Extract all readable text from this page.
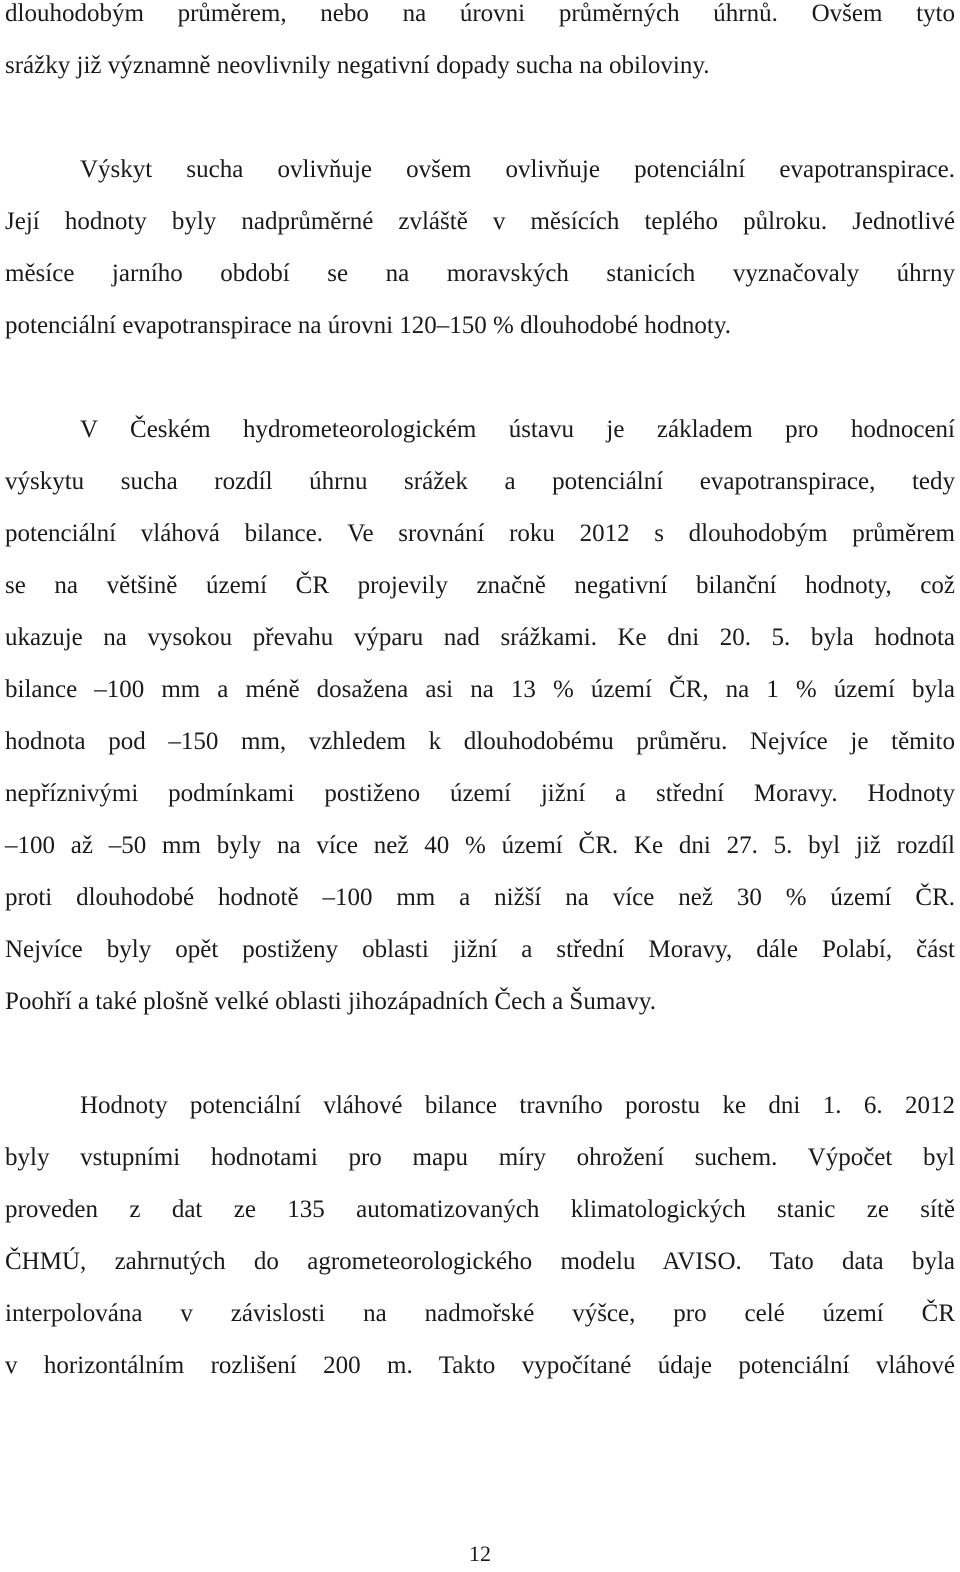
dlouhodobým průměrem, nebo na úrovni průměrných úhrnů. Ovšem tyto
srážky již významně neovlivnily negativní dopady sucha na obiloviny.

Výskyt sucha ovlivňuje ovšem ovlivňuje potenciální evapotranspirace.
Její hodnoty byly nadprůměrné zvláště v měsících teplého půlroku. Jednotlivé
měsíce jarního období se na moravských stanicích vyznačovaly úhrny
potenciální evapotranspirace na úrovni 120–150 % dlouhodobé hodnoty.

V Českém hydrometeorologickém ústavu je základem pro hodnocení
výskytu sucha rozdíl úhrnu srážek a potenciální evapotranspirace, tedy
potenciální vláhová bilance. Ve srovnání roku 2012 s dlouhodobým průměrem
se na většině území ČR projevily značně negativní bilanční hodnoty, což
ukazuje na vysokou převahu výparu nad srážkami. Ke dni 20. 5. byla hodnota
bilance –100 mm a méně dosažena asi na 13 % území ČR, na 1 % území byla
hodnota pod –150 mm, vzhledem k dlouhodobému průměru. Nejvíce je těmito
nepříznivými podmínkami postiženo území jižní a střední Moravy. Hodnoty
–100 až –50 mm byly na více než 40 % území ČR. Ke dni 27. 5. byl již rozdíl
proti dlouhodobé hodnotě –100 mm a nižší na více než 30 % území ČR.
Nejvíce byly opět postiženy oblasti jižní a střední Moravy, dále Polabí, část
Poohří a také plošně velké oblasti jihozápadních Čech a Šumavy.

Hodnoty potenciální vláhové bilance travního porostu ke dni 1. 6. 2012
byly vstupními hodnotami pro mapu míry ohrožení suchem. Výpočet byl
proveden z dat ze 135 automatizovaných klimatologických stanic ze sítě
ČHMÚ, zahrnutých do agrometeorologického modelu AVISO. Tato data byla
interpolována v závislosti na nadmořské výšce, pro celé území ČR
v horizontálním rozlišení 200 m. Takto vypočítané údaje potenciální vláhové

12
